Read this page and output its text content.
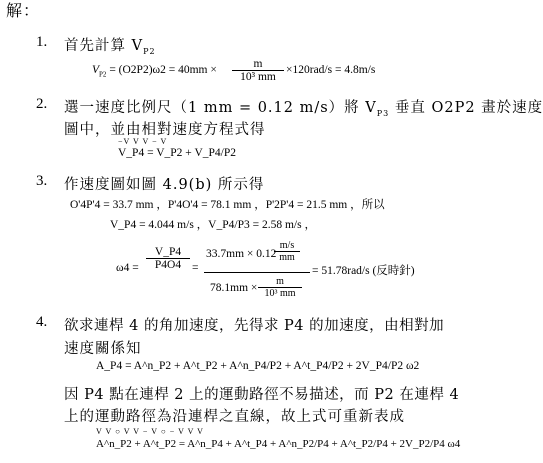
解：
1. 首先計算 $V_{P2}$
$V_{P2} = (O2P2)\omega 2 = 40mm \times \frac{m}{\text{10³ mm}} \times 120rad/s = 4.8m/s$
2. 選一速度比例尺（1 mm = 0.12 m/s）將 $V_{P3}$ 垂直 O2P2 畫於速度
圖中，並由相對速度方程式得
−V V V − V
V_P4 = V_P2 + V_P4/P2
3. 作速度圖如圖 4.9(b) 所示得
O'4P'4 = 33.7 mm ，P'4O'4 = 78.1 mm ，P'2P'4 = 21.5 mm ，所以
V_P4 = 4.044 m/s ，V_P4/P3 = 2.58 m/s ，
$\omega 4 = \frac{V\_P4}{P4O4}$ =
33.7mm × 0.12
$\frac{m/s}{mm}$
$78.1mm \times \frac{m}{\text{10³ mm}}$
= 51.78rad/s (反時針)
4. 欲求連桿 4 的角加速度，先得求 P4 的加速度，由相對加
速度關係知
A_P4 = A^n_P2 + A^t_P2 + A^n_P4/P2 + A^t_P4/P2 + 2V_P4/P2 ω2
因 P4 點在連桿 2 上的運動路徑不易描述，而 P2 在連桿 4
上的運動路徑為沿連桿之直線，故上式可重新表成
V V ○ V V − V ○ − V V V
A^n_P2 + A^t_P2 = A^n_P4 + A^t_P4 + A^n_P2/P4 + A^t_P2/P4 + 2V_P2/P4 ω4
